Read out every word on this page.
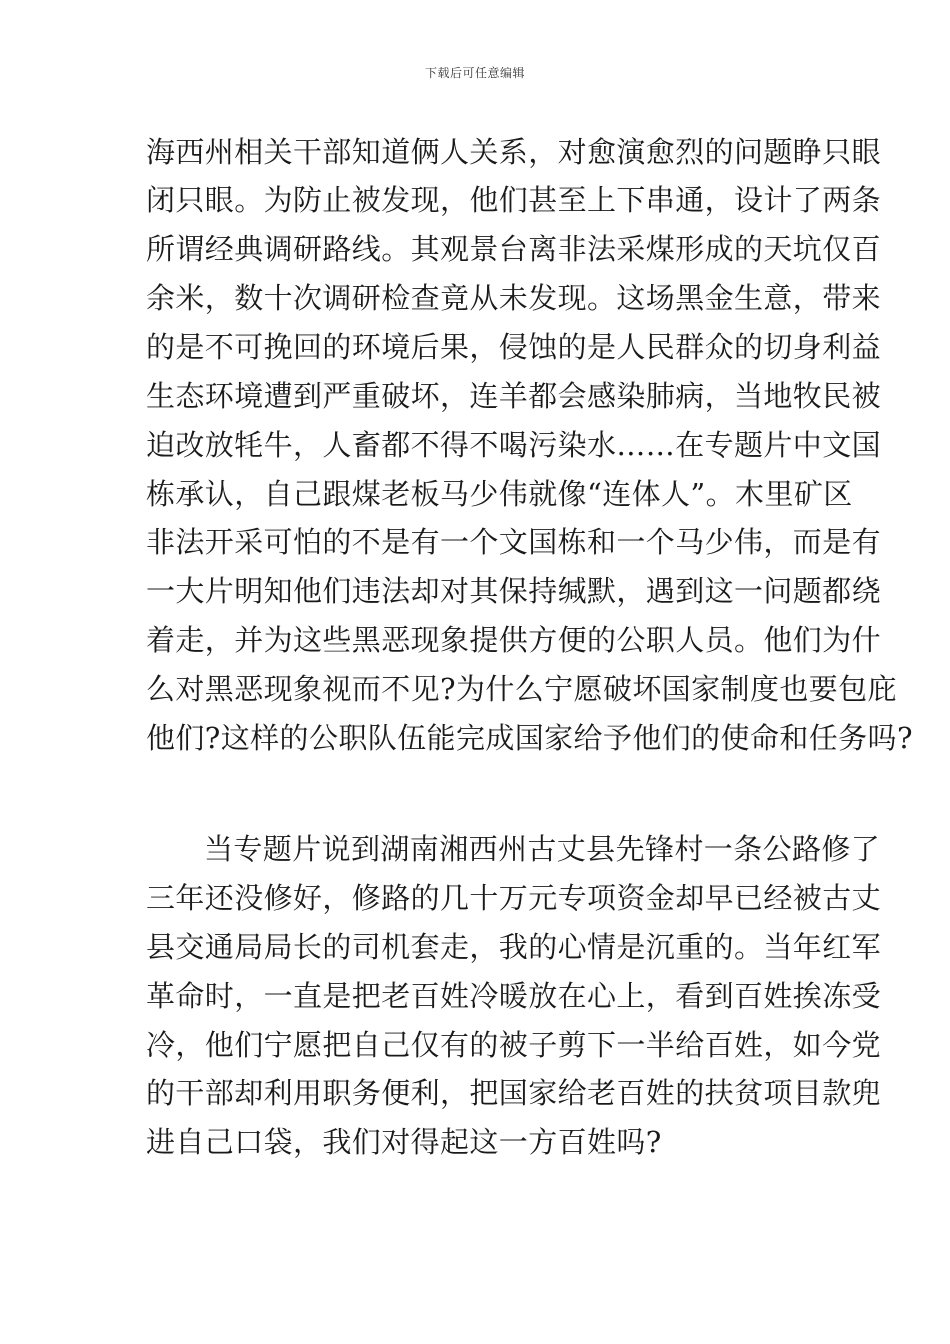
下载后可任意编辑
海西州相关干部知道俩人关系，对愈演愈烈的问题睁只眼
闭只眼。为防止被发现，他们甚至上下串通，设计了两条
所谓经典调研路线。其观景台离非法采煤形成的天坑仅百
余米，数十次调研检查竟从未发现。这场黑金生意，带来
的是不可挽回的环境后果，侵蚀的是人民群众的切身利益
生态环境遭到严重破坏，连羊都会感染肺病，当地牧民被
迫改放牦牛，人畜都不得不喝污染水……在专题片中文国
栋承认，自己跟煤老板马少伟就像“连体人”。木里矿区
非法开采可怕的不是有一个文国栋和一个马少伟，而是有
一大片明知他们违法却对其保持缄默，遇到这一问题都绕
着走，并为这些黑恶现象提供方便的公职人员。他们为什
么对黑恶现象视而不见?为什么宁愿破坏国家制度也要包庇
他们?这样的公职队伍能完成国家给予他们的使命和任务吗?
当专题片说到湖南湘西州古丈县先锋村一条公路修了
三年还没修好，修路的几十万元专项资金却早已经被古丈
县交通局局长的司机套走，我的心情是沉重的。当年红军
革命时，一直是把老百姓冷暖放在心上，看到百姓挨冻受
冷，他们宁愿把自己仅有的被子剪下一半给百姓，如今党
的干部却利用职务便利，把国家给老百姓的扶贫项目款兜
进自己口袋，我们对得起这一方百姓吗?
